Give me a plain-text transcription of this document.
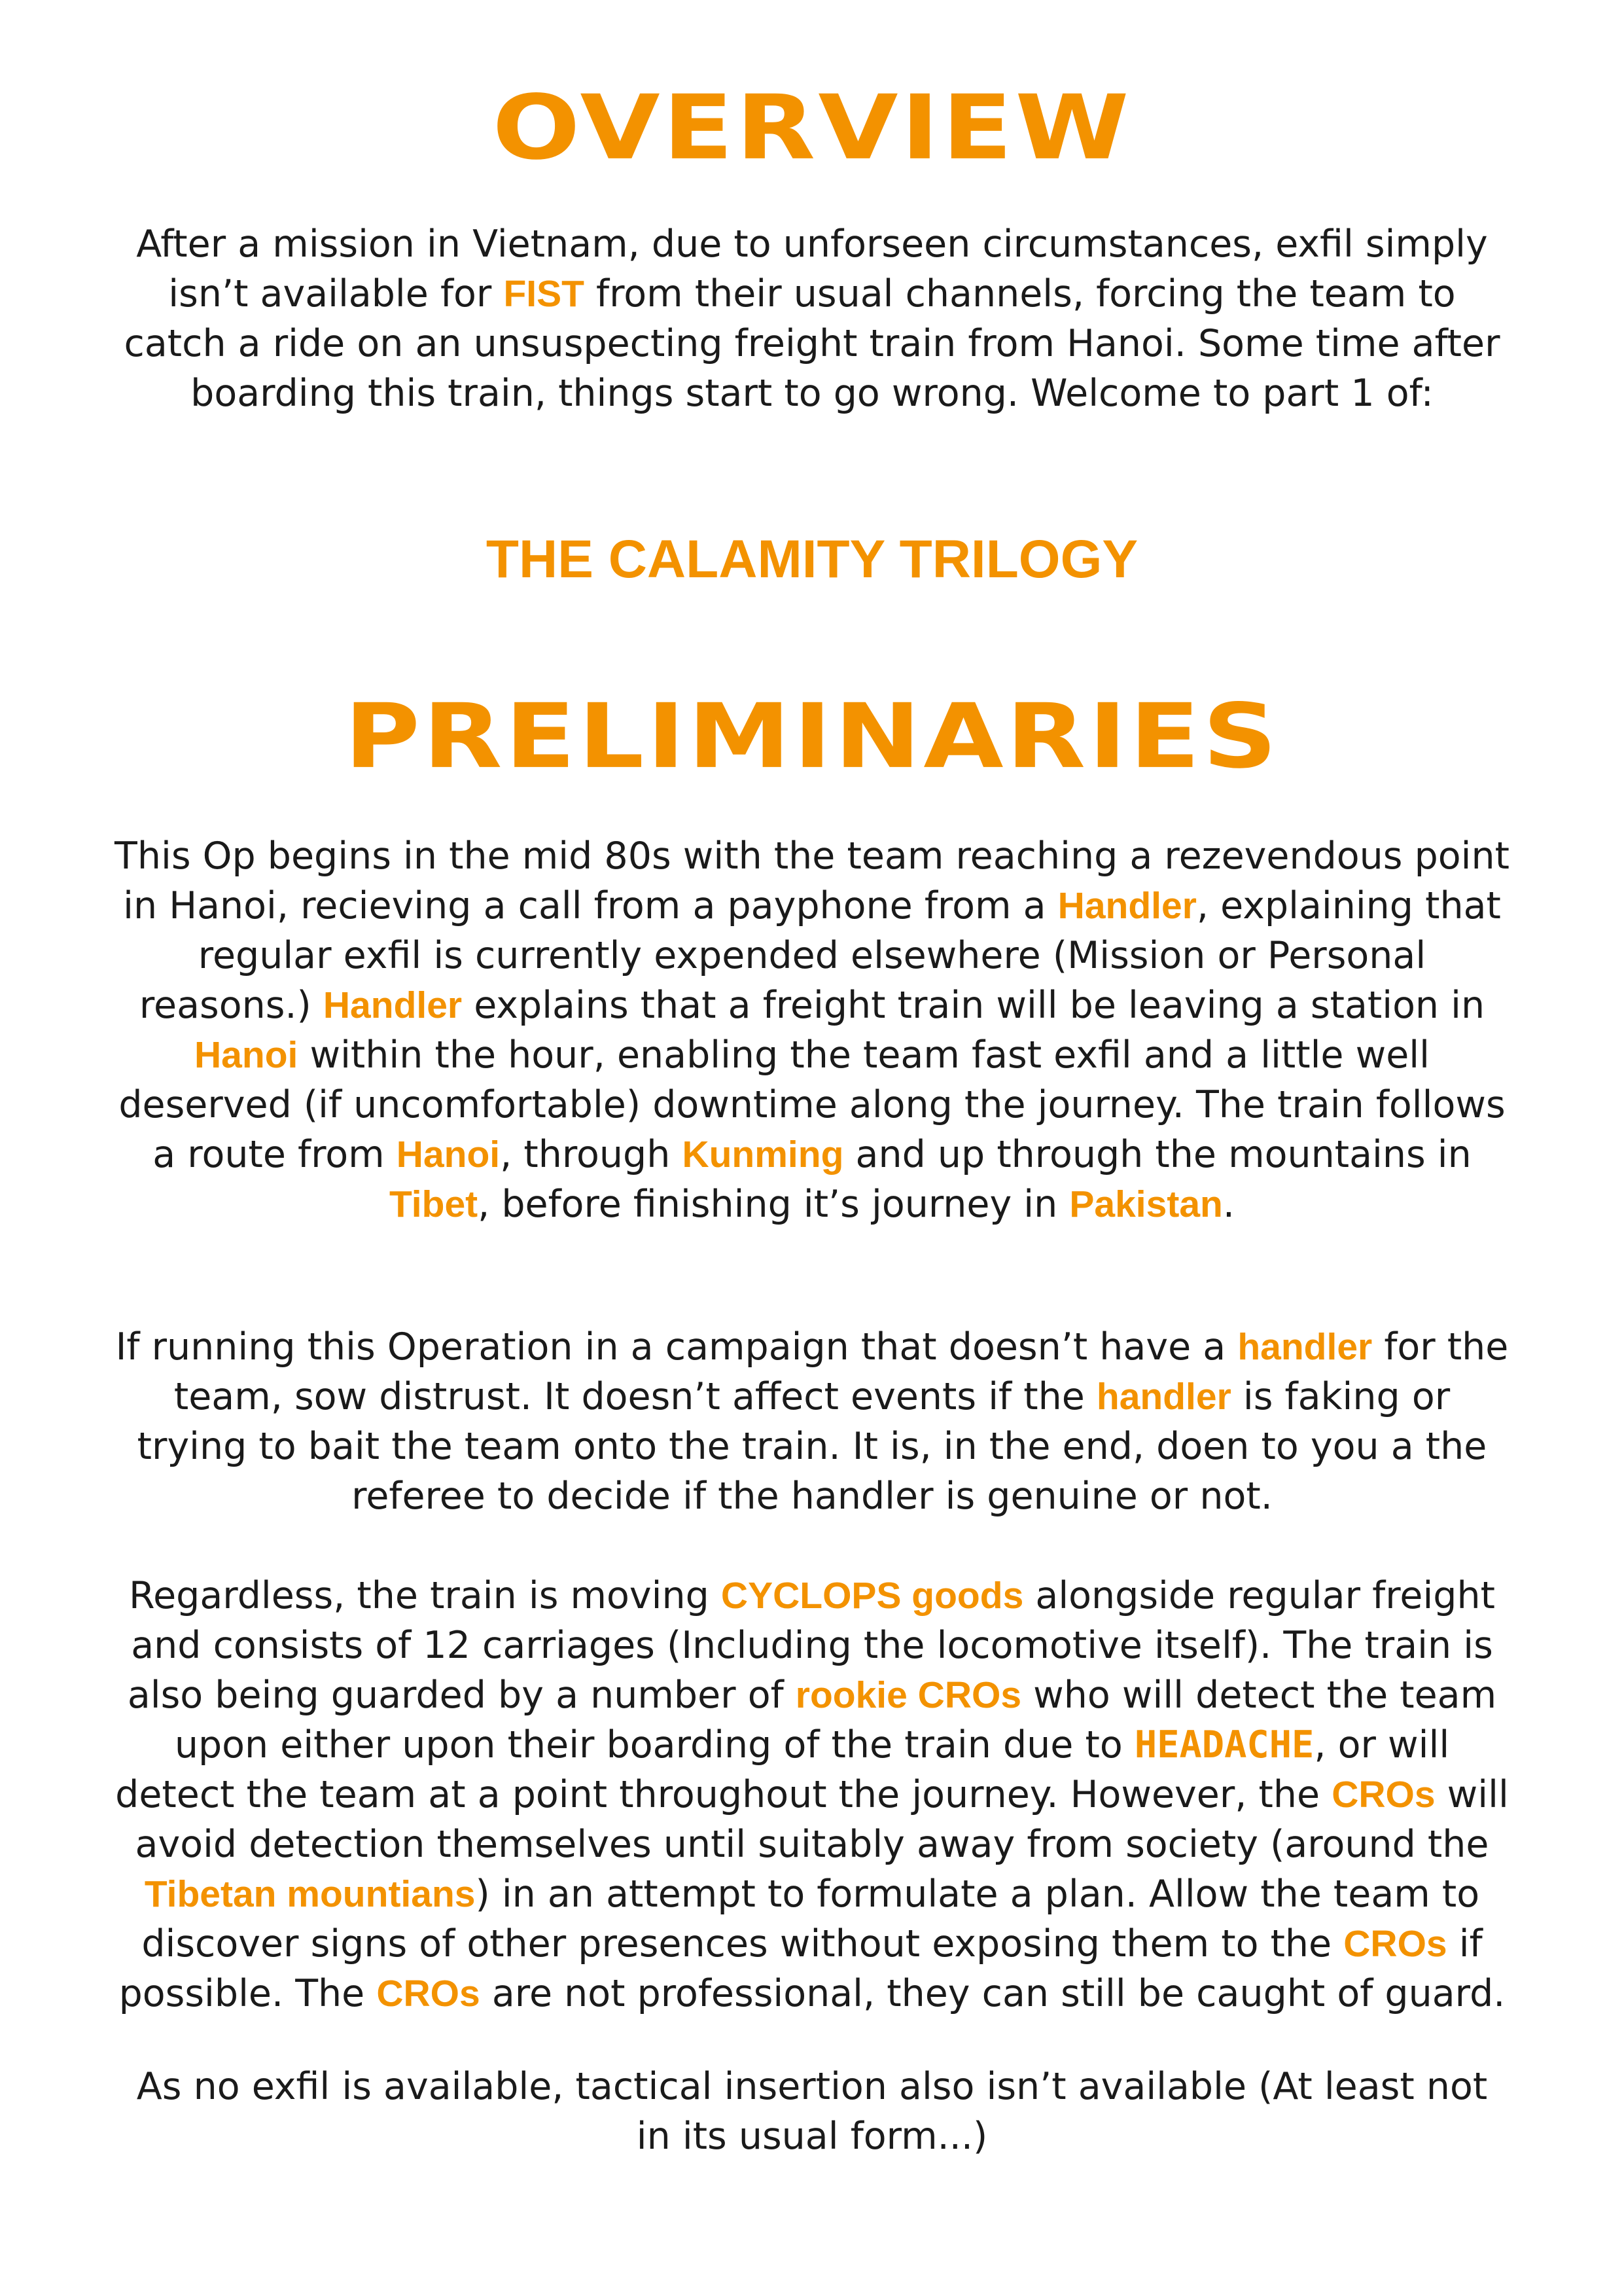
OVERVIEW

After a mission in Vietnam, due to unforseen circumstances, exfil simply isn’t available for FIST from their usual channels, forcing the team to catch a ride on an unsuspecting freight train from Hanoi. Some time after boarding this train, things start to go wrong. Welcome to part 1 of:

THE CALAMITY TRILOGY
PRELIMINARIES

This Op begins in the mid 80s with the team reaching a rezevendous point in Hanoi, recieving a call from a payphone from a Handler, explaining that regular exfil is currently expended elsewhere (Mission or Personal reasons.) Handler explains that a freight train will be leaving a station in Hanoi within the hour, enabling the team fast exfil and a little well deserved (if uncomfortable) downtime along the journey. The train follows a route from Hanoi, through Kunming and up through the mountains in Tibet, before finishing it’s journey in Pakistan.

If running this Operation in a campaign that doesn’t have a handler for the team, sow distrust. It doesn’t affect events if the handler is faking or trying to bait the team onto the train. It is, in the end, doen to you a the referee to decide if the handler is genuine or not.

Regardless, the train is moving CYCLOPS goods alongside regular freight and consists of 12 carriages (Including the locomotive itself). The train is also being guarded by a number of rookie CROs who will detect the team upon either upon their boarding of the train due to HEADACHE, or will detect the team at a point throughout the journey. However, the CROs will avoid detection themselves until suitably away from society (around the Tibetan mountians) in an attempt to formulate a plan. Allow the team to discover signs of other presences without exposing them to the CROs if possible. The CROs are not professional, they can still be caught of guard.

As no exfil is available, tactical insertion also isn’t available (At least not in its usual form...)
